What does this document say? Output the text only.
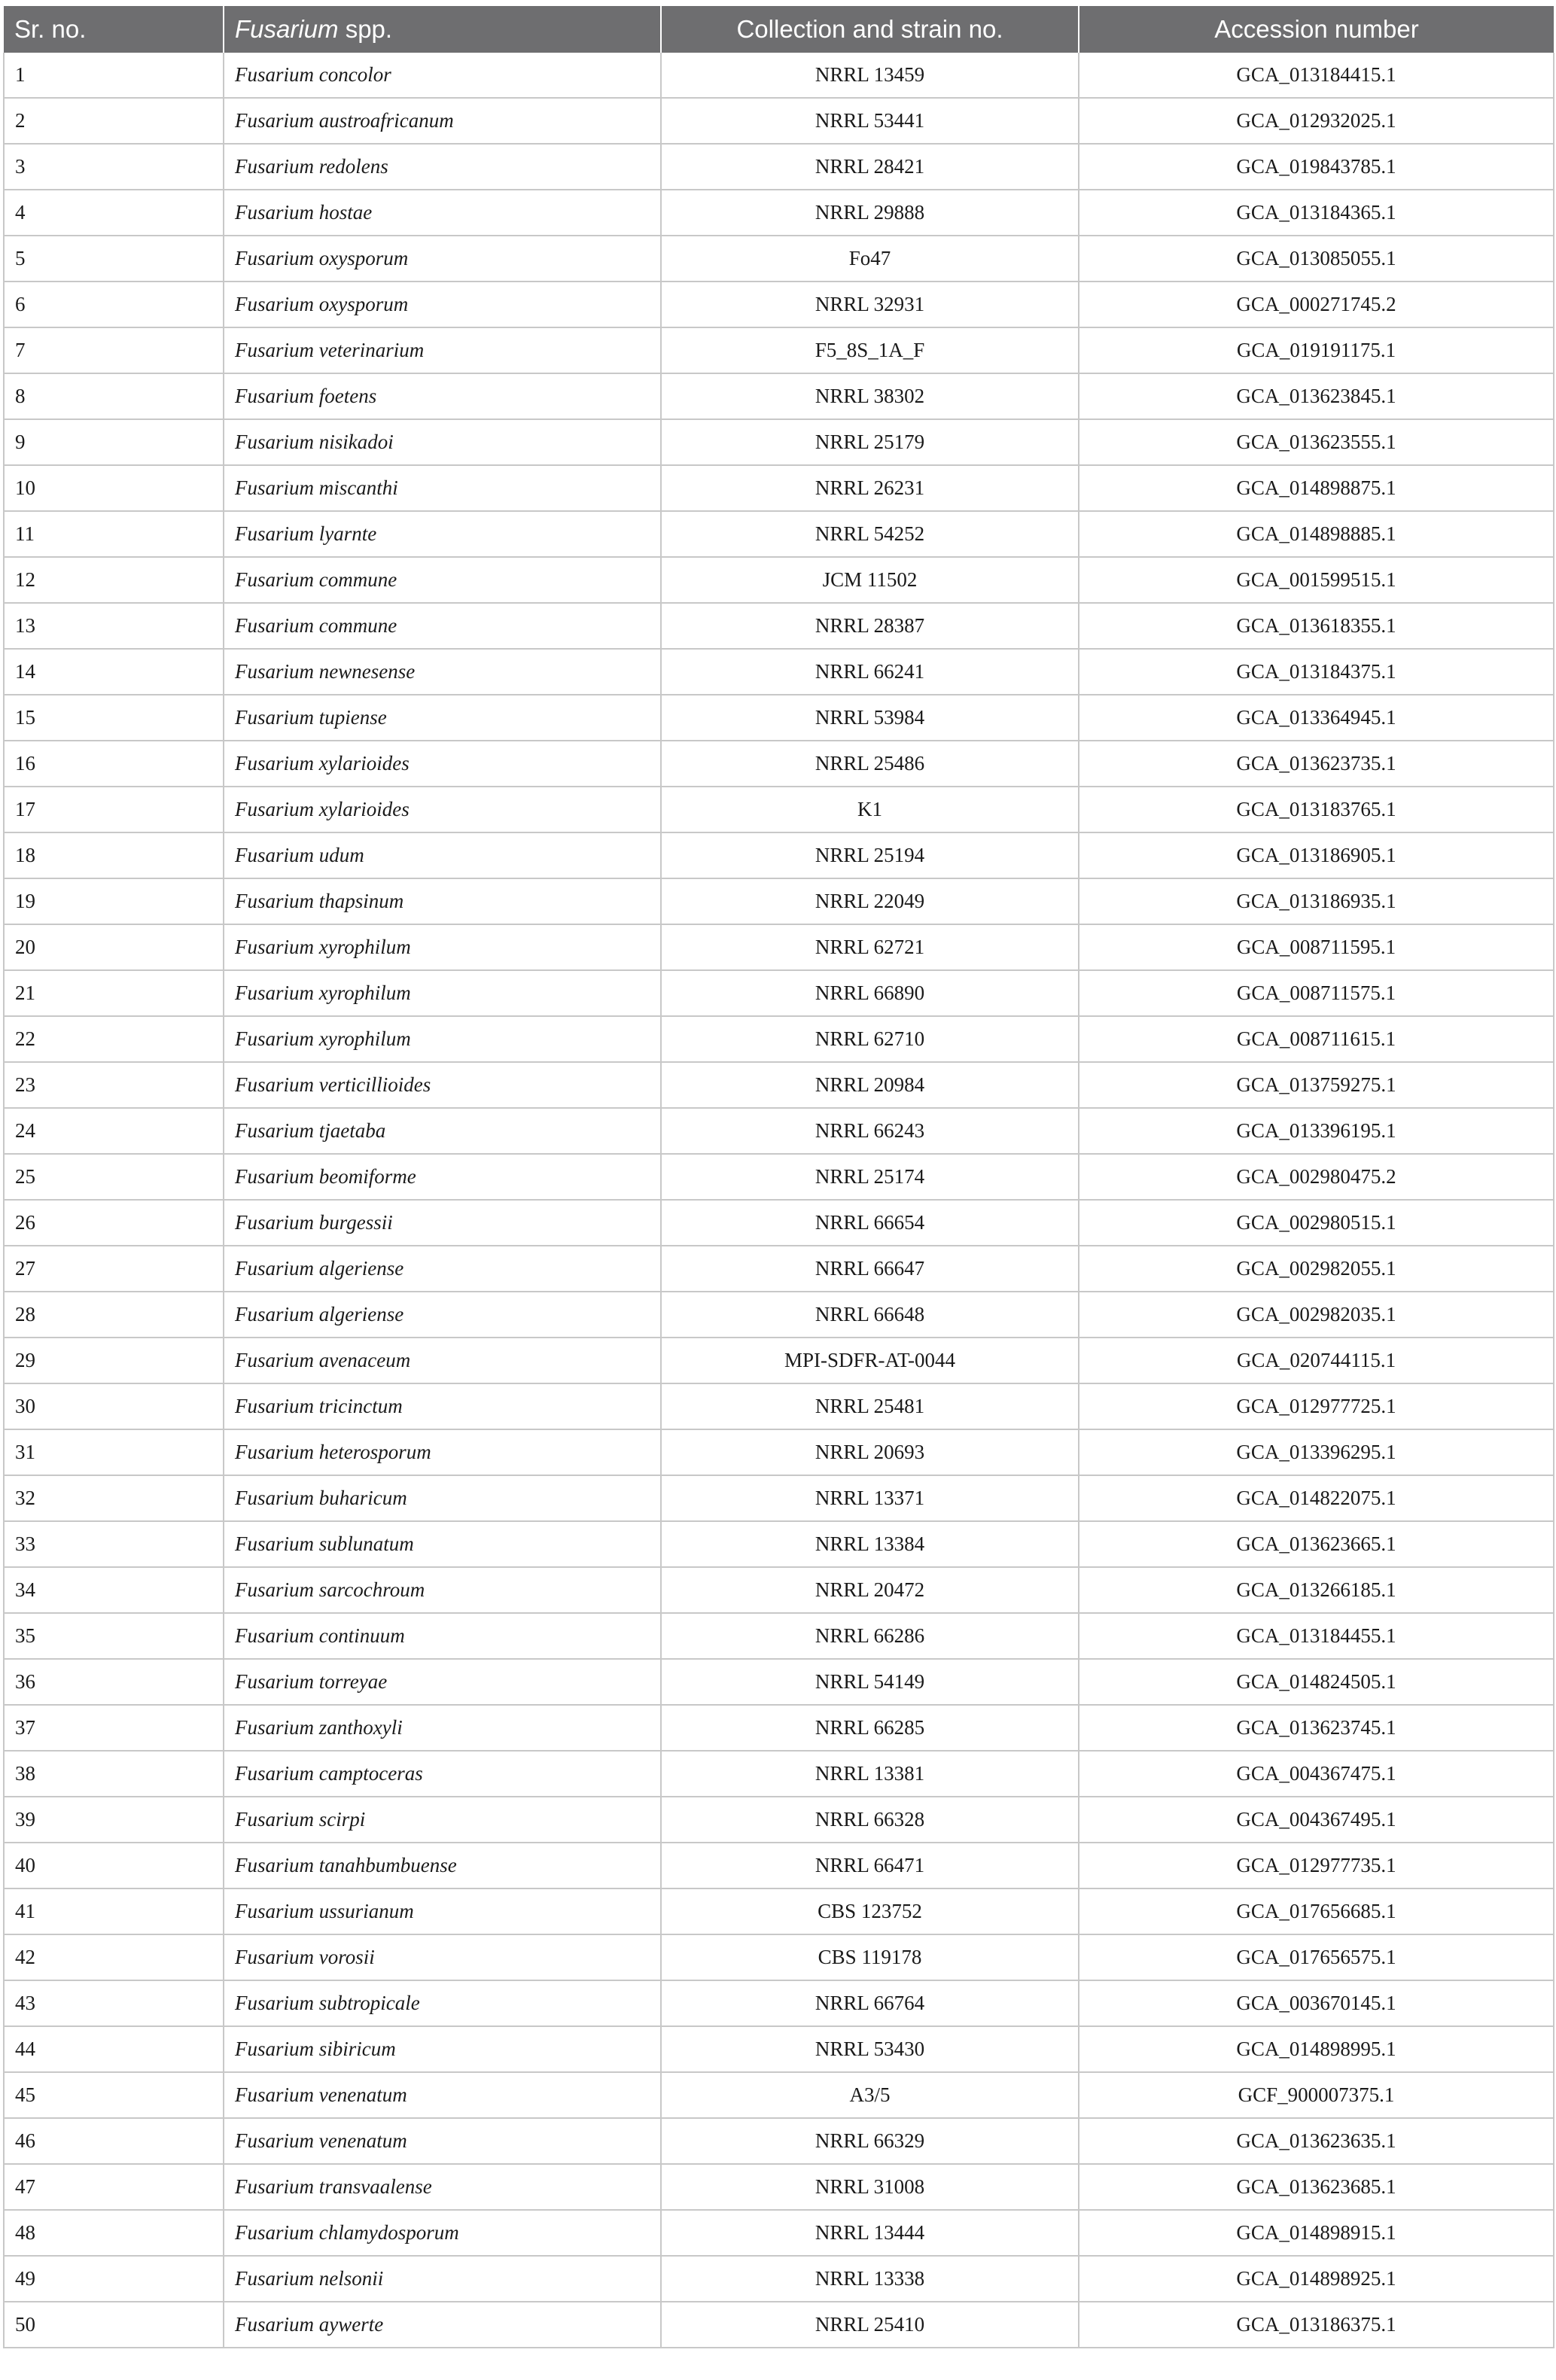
Sr. no.	Fusarium spp.	Collection and strain no.	Accession number
1	Fusarium concolor	NRRL 13459	GCA_013184415.1
2	Fusarium austroafricanum	NRRL 53441	GCA_012932025.1
3	Fusarium redolens	NRRL 28421	GCA_019843785.1
4	Fusarium hostae	NRRL 29888	GCA_013184365.1
5	Fusarium oxysporum	Fo47	GCA_013085055.1
6	Fusarium oxysporum	NRRL 32931	GCA_000271745.2
7	Fusarium veterinarium	F5_8S_1A_F	GCA_019191175.1
8	Fusarium foetens	NRRL 38302	GCA_013623845.1
9	Fusarium nisikadoi	NRRL 25179	GCA_013623555.1
10	Fusarium miscanthi	NRRL 26231	GCA_014898875.1
11	Fusarium lyarnte	NRRL 54252	GCA_014898885.1
12	Fusarium commune	JCM 11502	GCA_001599515.1
13	Fusarium commune	NRRL 28387	GCA_013618355.1
14	Fusarium newnesense	NRRL 66241	GCA_013184375.1
15	Fusarium tupiense	NRRL 53984	GCA_013364945.1
16	Fusarium xylarioides	NRRL 25486	GCA_013623735.1
17	Fusarium xylarioides	K1	GCA_013183765.1
18	Fusarium udum	NRRL 25194	GCA_013186905.1
19	Fusarium thapsinum	NRRL 22049	GCA_013186935.1
20	Fusarium xyrophilum	NRRL 62721	GCA_008711595.1
21	Fusarium xyrophilum	NRRL 66890	GCA_008711575.1
22	Fusarium xyrophilum	NRRL 62710	GCA_008711615.1
23	Fusarium verticillioides	NRRL 20984	GCA_013759275.1
24	Fusarium tjaetaba	NRRL 66243	GCA_013396195.1
25	Fusarium beomiforme	NRRL 25174	GCA_002980475.2
26	Fusarium burgessii	NRRL 66654	GCA_002980515.1
27	Fusarium algeriense	NRRL 66647	GCA_002982055.1
28	Fusarium algeriense	NRRL 66648	GCA_002982035.1
29	Fusarium avenaceum	MPI-SDFR-AT-0044	GCA_020744115.1
30	Fusarium tricinctum	NRRL 25481	GCA_012977725.1
31	Fusarium heterosporum	NRRL 20693	GCA_013396295.1
32	Fusarium buharicum	NRRL 13371	GCA_014822075.1
33	Fusarium sublunatum	NRRL 13384	GCA_013623665.1
34	Fusarium sarcochroum	NRRL 20472	GCA_013266185.1
35	Fusarium continuum	NRRL 66286	GCA_013184455.1
36	Fusarium torreyae	NRRL 54149	GCA_014824505.1
37	Fusarium zanthoxyli	NRRL 66285	GCA_013623745.1
38	Fusarium camptoceras	NRRL 13381	GCA_004367475.1
39	Fusarium scirpi	NRRL 66328	GCA_004367495.1
40	Fusarium tanahbumbuense	NRRL 66471	GCA_012977735.1
41	Fusarium ussurianum	CBS 123752	GCA_017656685.1
42	Fusarium vorosii	CBS 119178	GCA_017656575.1
43	Fusarium subtropicale	NRRL 66764	GCA_003670145.1
44	Fusarium sibiricum	NRRL 53430	GCA_014898995.1
45	Fusarium venenatum	A3/5	GCF_900007375.1
46	Fusarium venenatum	NRRL 66329	GCA_013623635.1
47	Fusarium transvaalense	NRRL 31008	GCA_013623685.1
48	Fusarium chlamydosporum	NRRL 13444	GCA_014898915.1
49	Fusarium nelsonii	NRRL 13338	GCA_014898925.1
50	Fusarium aywerte	NRRL 25410	GCA_013186375.1
